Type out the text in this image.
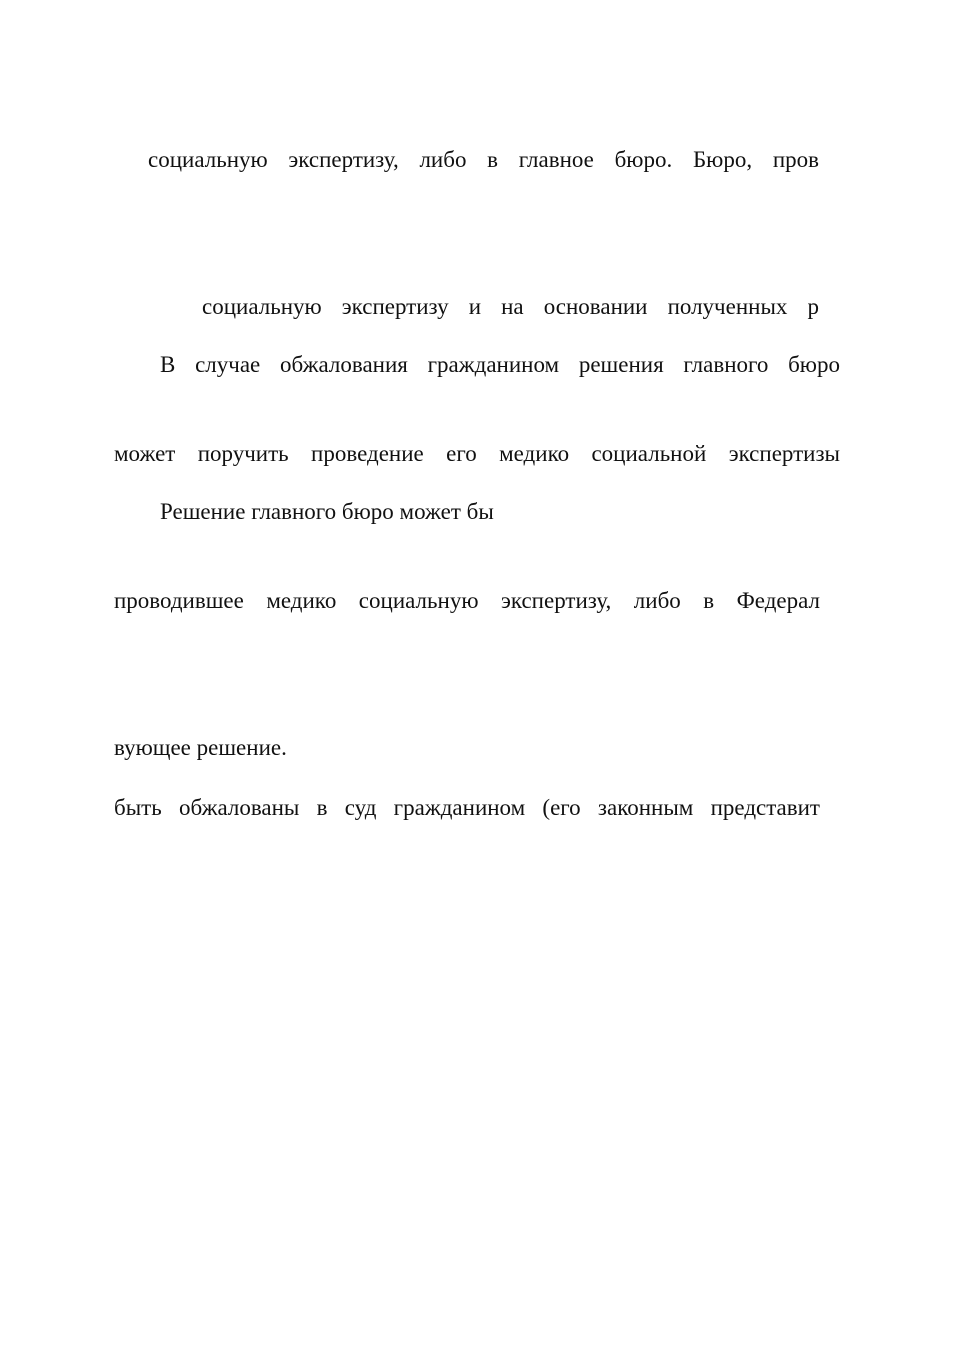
социальную экспертизу, либо в главное бюро. Бюро, пров
социальную экспертизу и на основании полученных р
В случае обжалования гражданином решения главного бюро
может поручить проведение его медико социальной экспертизы
Решение главного бюро может бы
проводившее медико социальную экспертизу, либо в Федерал
вующее решение.
быть обжалованы в суд гражданином (его законным представит
